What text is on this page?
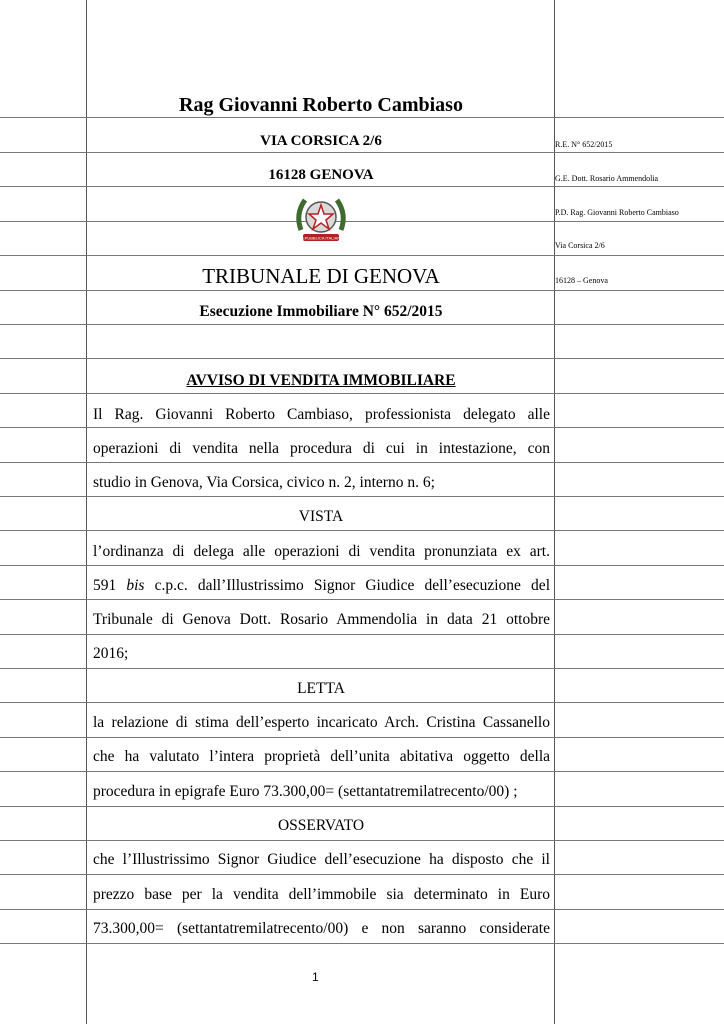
Rag Giovanni Roberto Cambiaso
VIA CORSICA 2/6
16128 GENOVA
REPUBBLICA ITALIANA
TRIBUNALE DI GENOVA
Esecuzione Immobiliare N° 652/2015
R.E. N° 652/2015
G.E. Dott. Rosario Ammendolia
P.D. Rag. Giovanni Roberto Cambiaso
Via Corsica 2/6
16128 – Genova
AVVISO DI VENDITA IMMOBILIARE
Il Rag. Giovanni Roberto Cambiaso, professionista delegato alle
operazioni di vendita nella procedura di cui in intestazione, con
studio in Genova, Via Corsica, civico n. 2, interno n. 6;
VISTA
l’ordinanza di delega alle operazioni di vendita pronunziata ex art.
591 bis c.p.c. dall’Illustrissimo Signor Giudice dell’esecuzione del
Tribunale di Genova Dott. Rosario Ammendolia in data 21 ottobre
2016;
LETTA
la relazione di stima dell’esperto incaricato Arch. Cristina Cassanello
che ha valutato l’intera proprietà dell’unita abitativa oggetto della
procedura in epigrafe Euro 73.300,00= (settantatremilatrecento/00) ;
OSSERVATO
che l’Illustrissimo Signor Giudice dell’esecuzione ha disposto che il
prezzo base per la vendita dell’immobile sia determinato in Euro
73.300,00= (settantatremilatrecento/00) e non saranno considerate
1
